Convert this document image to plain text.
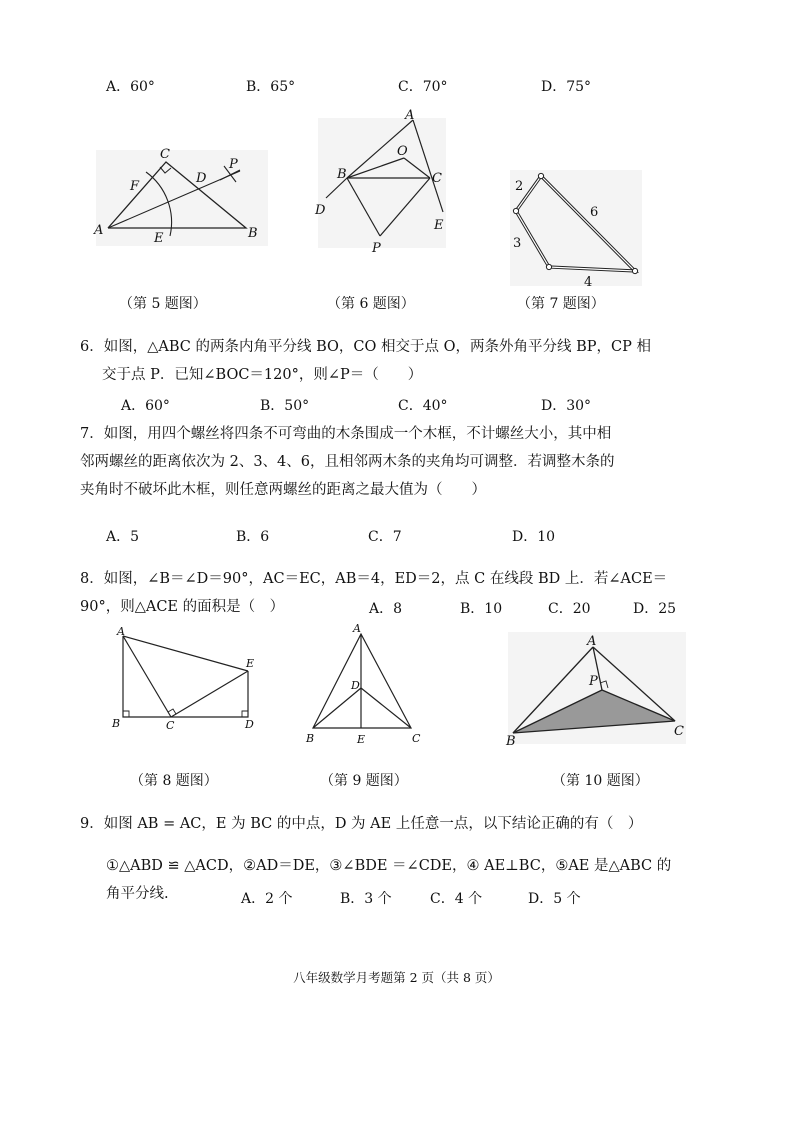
A．60°	B．65°	C．70°	D．75°
A	B
C
D
E
F
P
A
B	C
D
E
O
P
2
3
4
6
（第 5 题图）	（第 6 题图）	（第 7 题图）
6．如图，△ABC 的两条内角平分线 BO，CO 相交于点 O，两条外角平分线 BP，CP 相
交于点 P．已知∠BOC＝120°，则∠P＝（　　）
A．60°	B．50°	C．40°	D．30°
7．如图，用四个螺丝将四条不可弯曲的木条围成一个木框，不计螺丝大小，其中相
邻两螺丝的距离依次为 2、3、4、6，且相邻两木条的夹角均可调整．若调整木条的
夹角时不破坏此木框，则任意两螺丝的距离之最大值为（　　）
A．5	B．6	C．7	D．10
8．如图，∠B＝∠D＝90°，AC＝EC，AB＝4，ED＝2，点 C 在线段 BD 上．若∠ACE＝
90°，则△ACE 的面积是（　）	A．8	B．10	C．20	D．25
A
B	C	D
E
A
B	C
D
E
A
B
C
P
（第 8 题图）	（第 9 题图）	（第 10 题图）
9．如图 AB = AC，E 为 BC 的中点，D 为 AE 上任意一点，以下结论正确的有（　）
①△ABD ≌ △ACD，②AD＝DE，③∠BDE ＝∠CDE，④ AE⊥BC，⑤AE 是△ABC 的
角平分线.	A．2 个	B．3 个	C．4 个	D．5 个
八年级数学月考题第 2 页（共 8 页）
